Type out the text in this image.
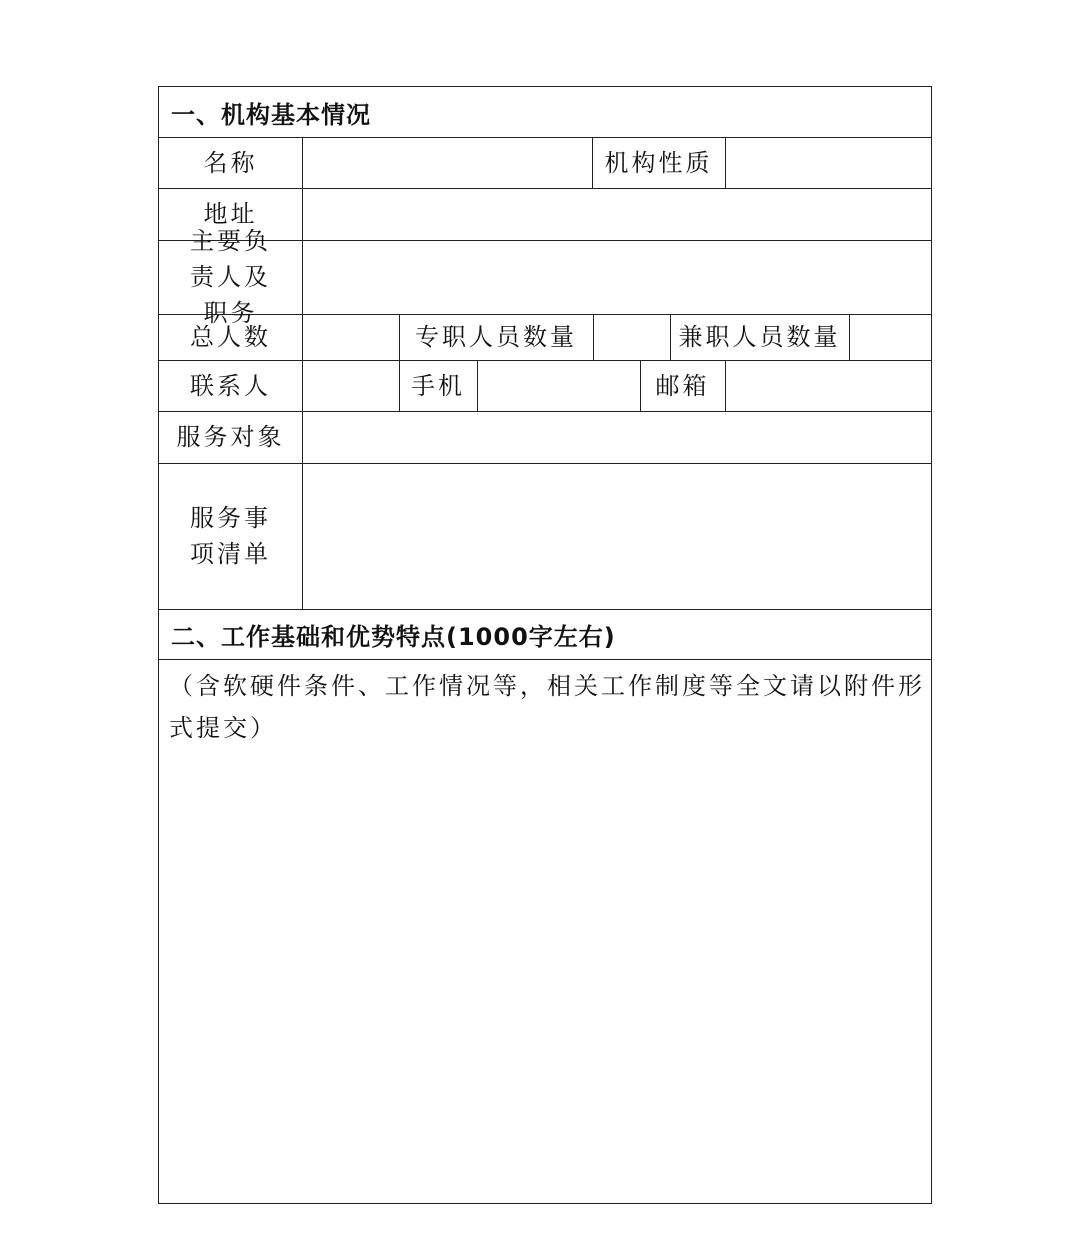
一、机构基本情况
名称	机构性质
地址
主要负责人及职务
总人数	专职人员数量	兼职人员数量
联系人	手机	邮箱
服务对象
服务事项清单
二、工作基础和优势特点(1000字左右)
（含软硬件条件、工作情况等，相关工作制度等全文请以附件形式提交）
